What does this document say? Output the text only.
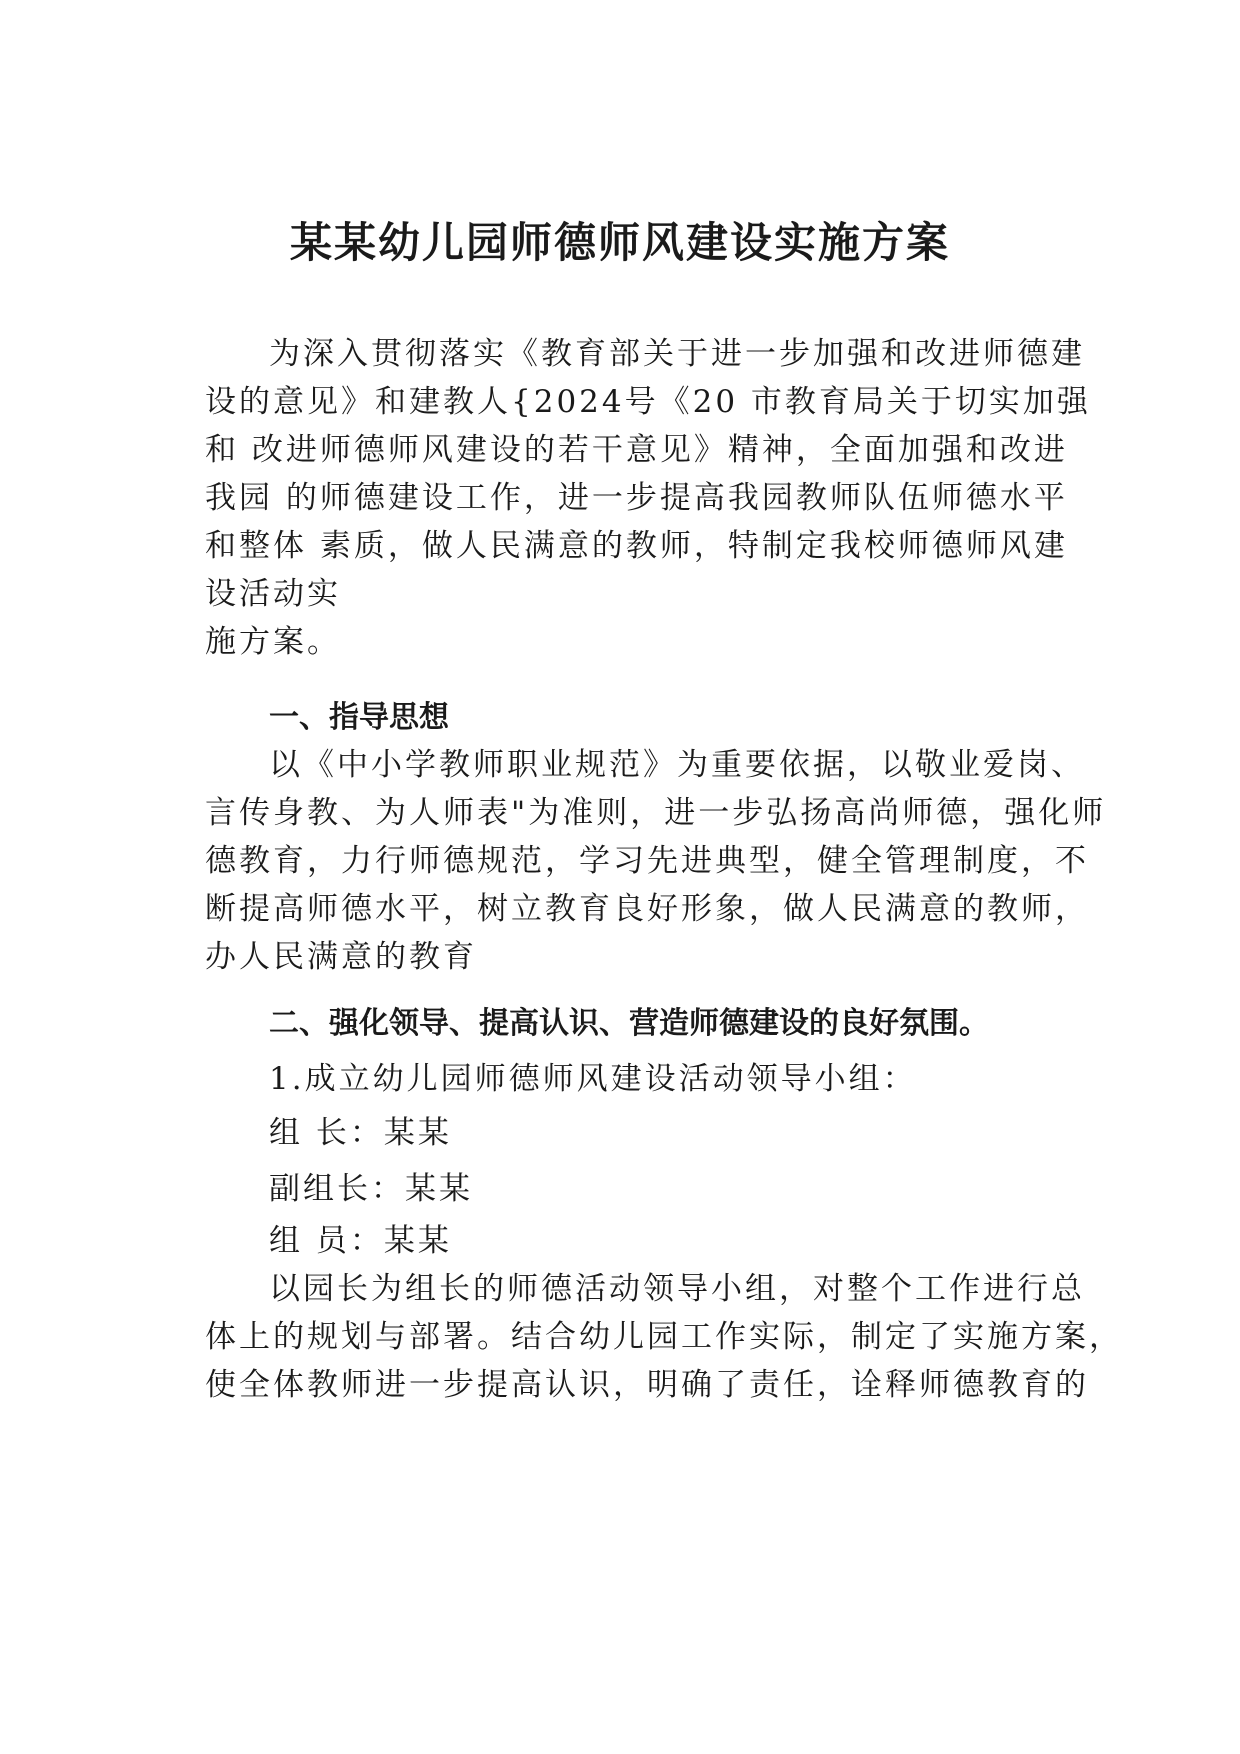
某某幼儿园师德师风建设实施方案
为深入贯彻落实《教育部关于进一步加强和改进师德建
设的意见》和建教人{2024号《20 市教育局关于切实加强
和 改进师德师风建设的若干意见》精神，全面加强和改进
我园 的师德建设工作，进一步提高我园教师队伍师德水平
和整体 素质，做人民满意的教师，特制定我校师德师风建
设活动实
施方案。
一、指导思想
以《中小学教师职业规范》为重要依据，以敬业爱岗、
言传身教、为人师表"为准则，进一步弘扬高尚师德，强化师
德教育，力行师德规范，学习先进典型，健全管理制度，不
断提高师德水平，树立教育良好形象，做人民满意的教师，
办人民满意的教育
二、强化领导、提高认识、营造师德建设的良好氛围。

1.成立幼儿园师德师风建设活动领导小组：

组 长：某某

副组长：某某

组 员：某某

以园长为组长的师德活动领导小组，对整个工作进行总
体上的规划与部署。结合幼儿园工作实际，制定了实施方案，
使全体教师进一步提高认识，明确了责任，诠释师德教育的
